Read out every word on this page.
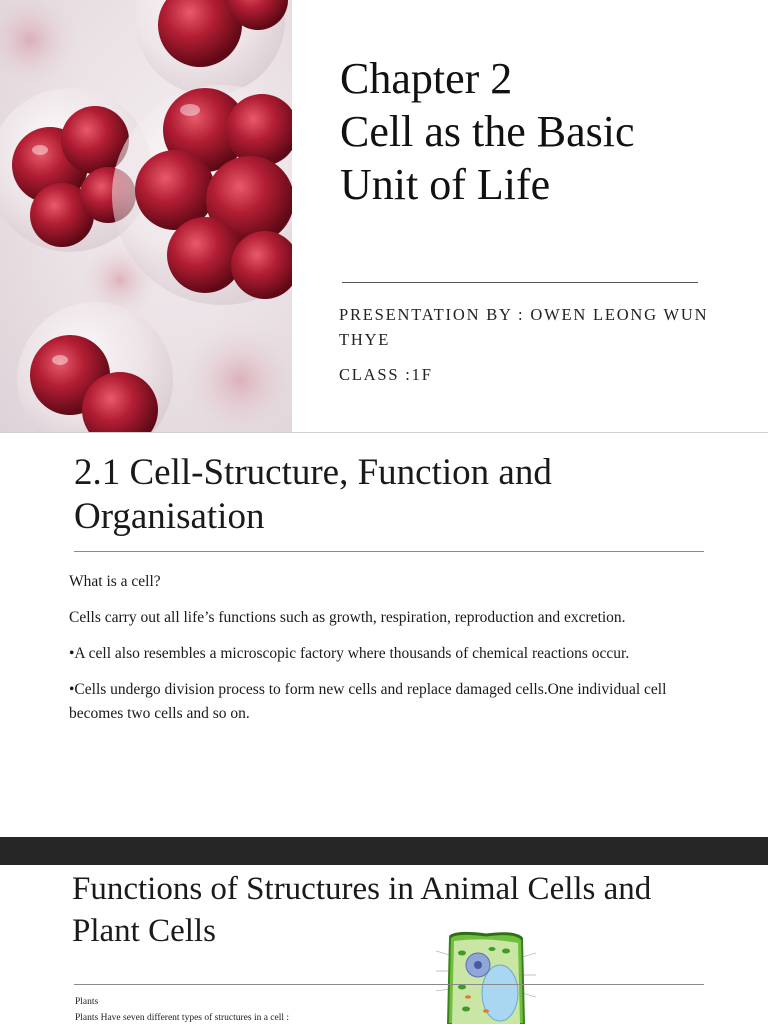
Chapter 2
Cell as the Basic
Unit of Life
PRESENTATION BY : OWEN LEONG WUN THYE
CLASS :1F
2.1 Cell-Structure, Function and Organisation

What is a cell?

Cells carry out all life’s functions such as growth, respiration, reproduction and excretion.

•A cell also resembles a microscopic factory where thousands of chemical reactions occur.

•Cells undergo division process to form new cells and replace damaged cells.One individual cell becomes two cells and so on.

Functions of Structures in Animal Cells and Plant Cells
Plants
Plants Have seven different types of structures in a cell :
